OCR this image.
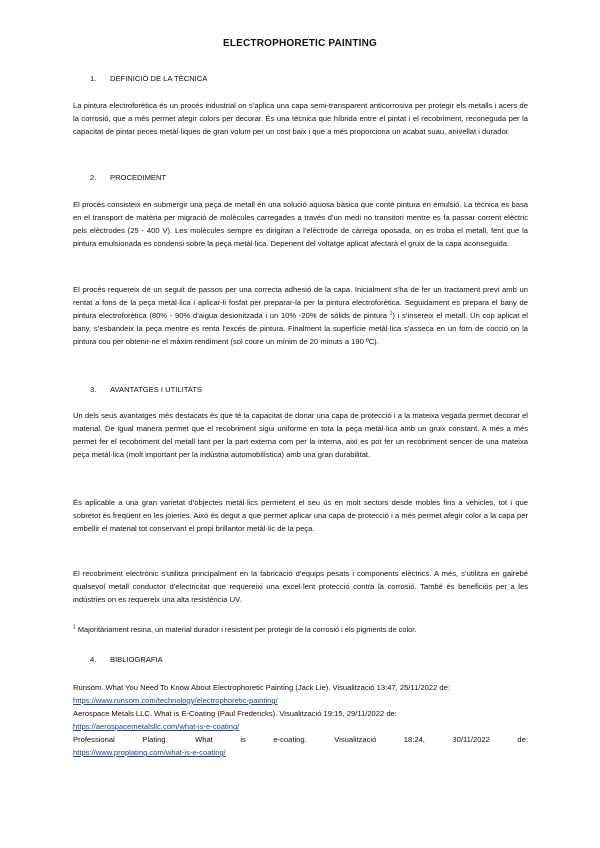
ELECTROPHORETIC PAINTING
1. DEFINICIÓ DE LA TÈCNICA
La pintura electroforètica és un procés industrial on s’aplica una capa semi-transparent anticorrosiva per protegir els metalls i acers de la corrosió, que a més permet afegir colors per decorar. És una tècnica que híbrida entre el pintat i el recobriment, reconeguda per la capacitat de pintar peces metàl·liques de gran volum per un cost baix i que a més proporciona un acabat suau, anivellat i durador.
2. PROCEDIMENT
El procés consisteix en submergir una peça de metall en una solució aquosa bàsica que conté pintura en emulsió. La tècnica es basa en el transport de matèria per migració de molècules carregades a través d’un medi no transitori mentre es fa passar corrent elèctric pels elèctrodes (25 - 400 V). Les molècules sempre es dirigiran a l’elèctrode de càrrega oposada, on es troba el metall, fent que la pintura emulsionada es condensi sobre la peça metàl·lica. Depenent del voltatge aplicat afectarà el gruix de la capa aconseguida.
El procés requereix de un seguit de passos per una correcta adhesió de la capa. Inicialment s’ha de fer un tractament previ amb un rentat a fons de la peça metàl·lica i aplicar-li fosfat per preparar-la per la pintura electroforètica. Seguidament es prepara el bany de pintura electroforètica (80% - 90% d’aigua desionitzada i un 10% -20% de sòlids de pintura $^1$) i s’insereix el metall. Un cop aplicat el bany, s’esbandeix la peça mentre es renta l’excés de pintura. Finalment la superfície metàl·lica s’asseca en un forn de cocció on la pintura cou per obtenir-ne el màxim rendiment (sol coure un mínim de 20 minuts a 190 ºC).
3. AVANTATGES I UTILITATS
Un dels seus avantatges més destacats és que té la capacitat de donar una capa de protecció i a la mateixa vegada permet decorar el material. De igual manera permet que el recobriment sigui uniforme en tota la peça metàl·lica amb un gruix constant. A més a més permet fer el recobriment del metall tant per la part externa com per la interna, així es pot fer un recobriment sencer de una mateixa peça metàl·lica (molt important per la indústria automobilística) amb una gran durabilitat.
És aplicable a una gran varietat d’objectes metàl·lics permetent el seu ús en molt sectors desde mobles fins a vehicles, tot i que sobretot és freqüent en les joieries. Això és degut a que permet aplicar una capa de protecció i a més permet afegir color a la capa per embellir el material tot conservant el propi brillantor metàl·lic de la peça.
El recobriment electrònic s’utilitza principalment en la fabricació d’equips pesats i components elèctrics. A més, s’utilitza en gairebé qualsevol metall conductor d’electricitat que requereixi una excel·lent protecció contra la corrosió. També és beneficiós per a les indústries on es requereix una alta resistència UV.
$^1$ Majoritàriament resina, un material durador i resistent per protegir de la corrosió i els pigments de color.
4. BIBLIOGRAFIA
Runsom. What You Need To Know About Electrophoretic Painting (Jack Lie). Visualització 13:47, 25/11/2022 de:
https://www.runsom.com/technology/electrophoretic-painting/
Aerospace Metals LLC. What is E-Coating (Paul Fredericks). Visualització 19:15, 29/11/2022 de:
https://aerospacemetalsllc.com/what-is-e-coating/
Professional	Plating.	What	is	e-coating.	Visualització	18:24,	30/11/2022	de:
https://www.proplating.com/what-is-e-coating/
